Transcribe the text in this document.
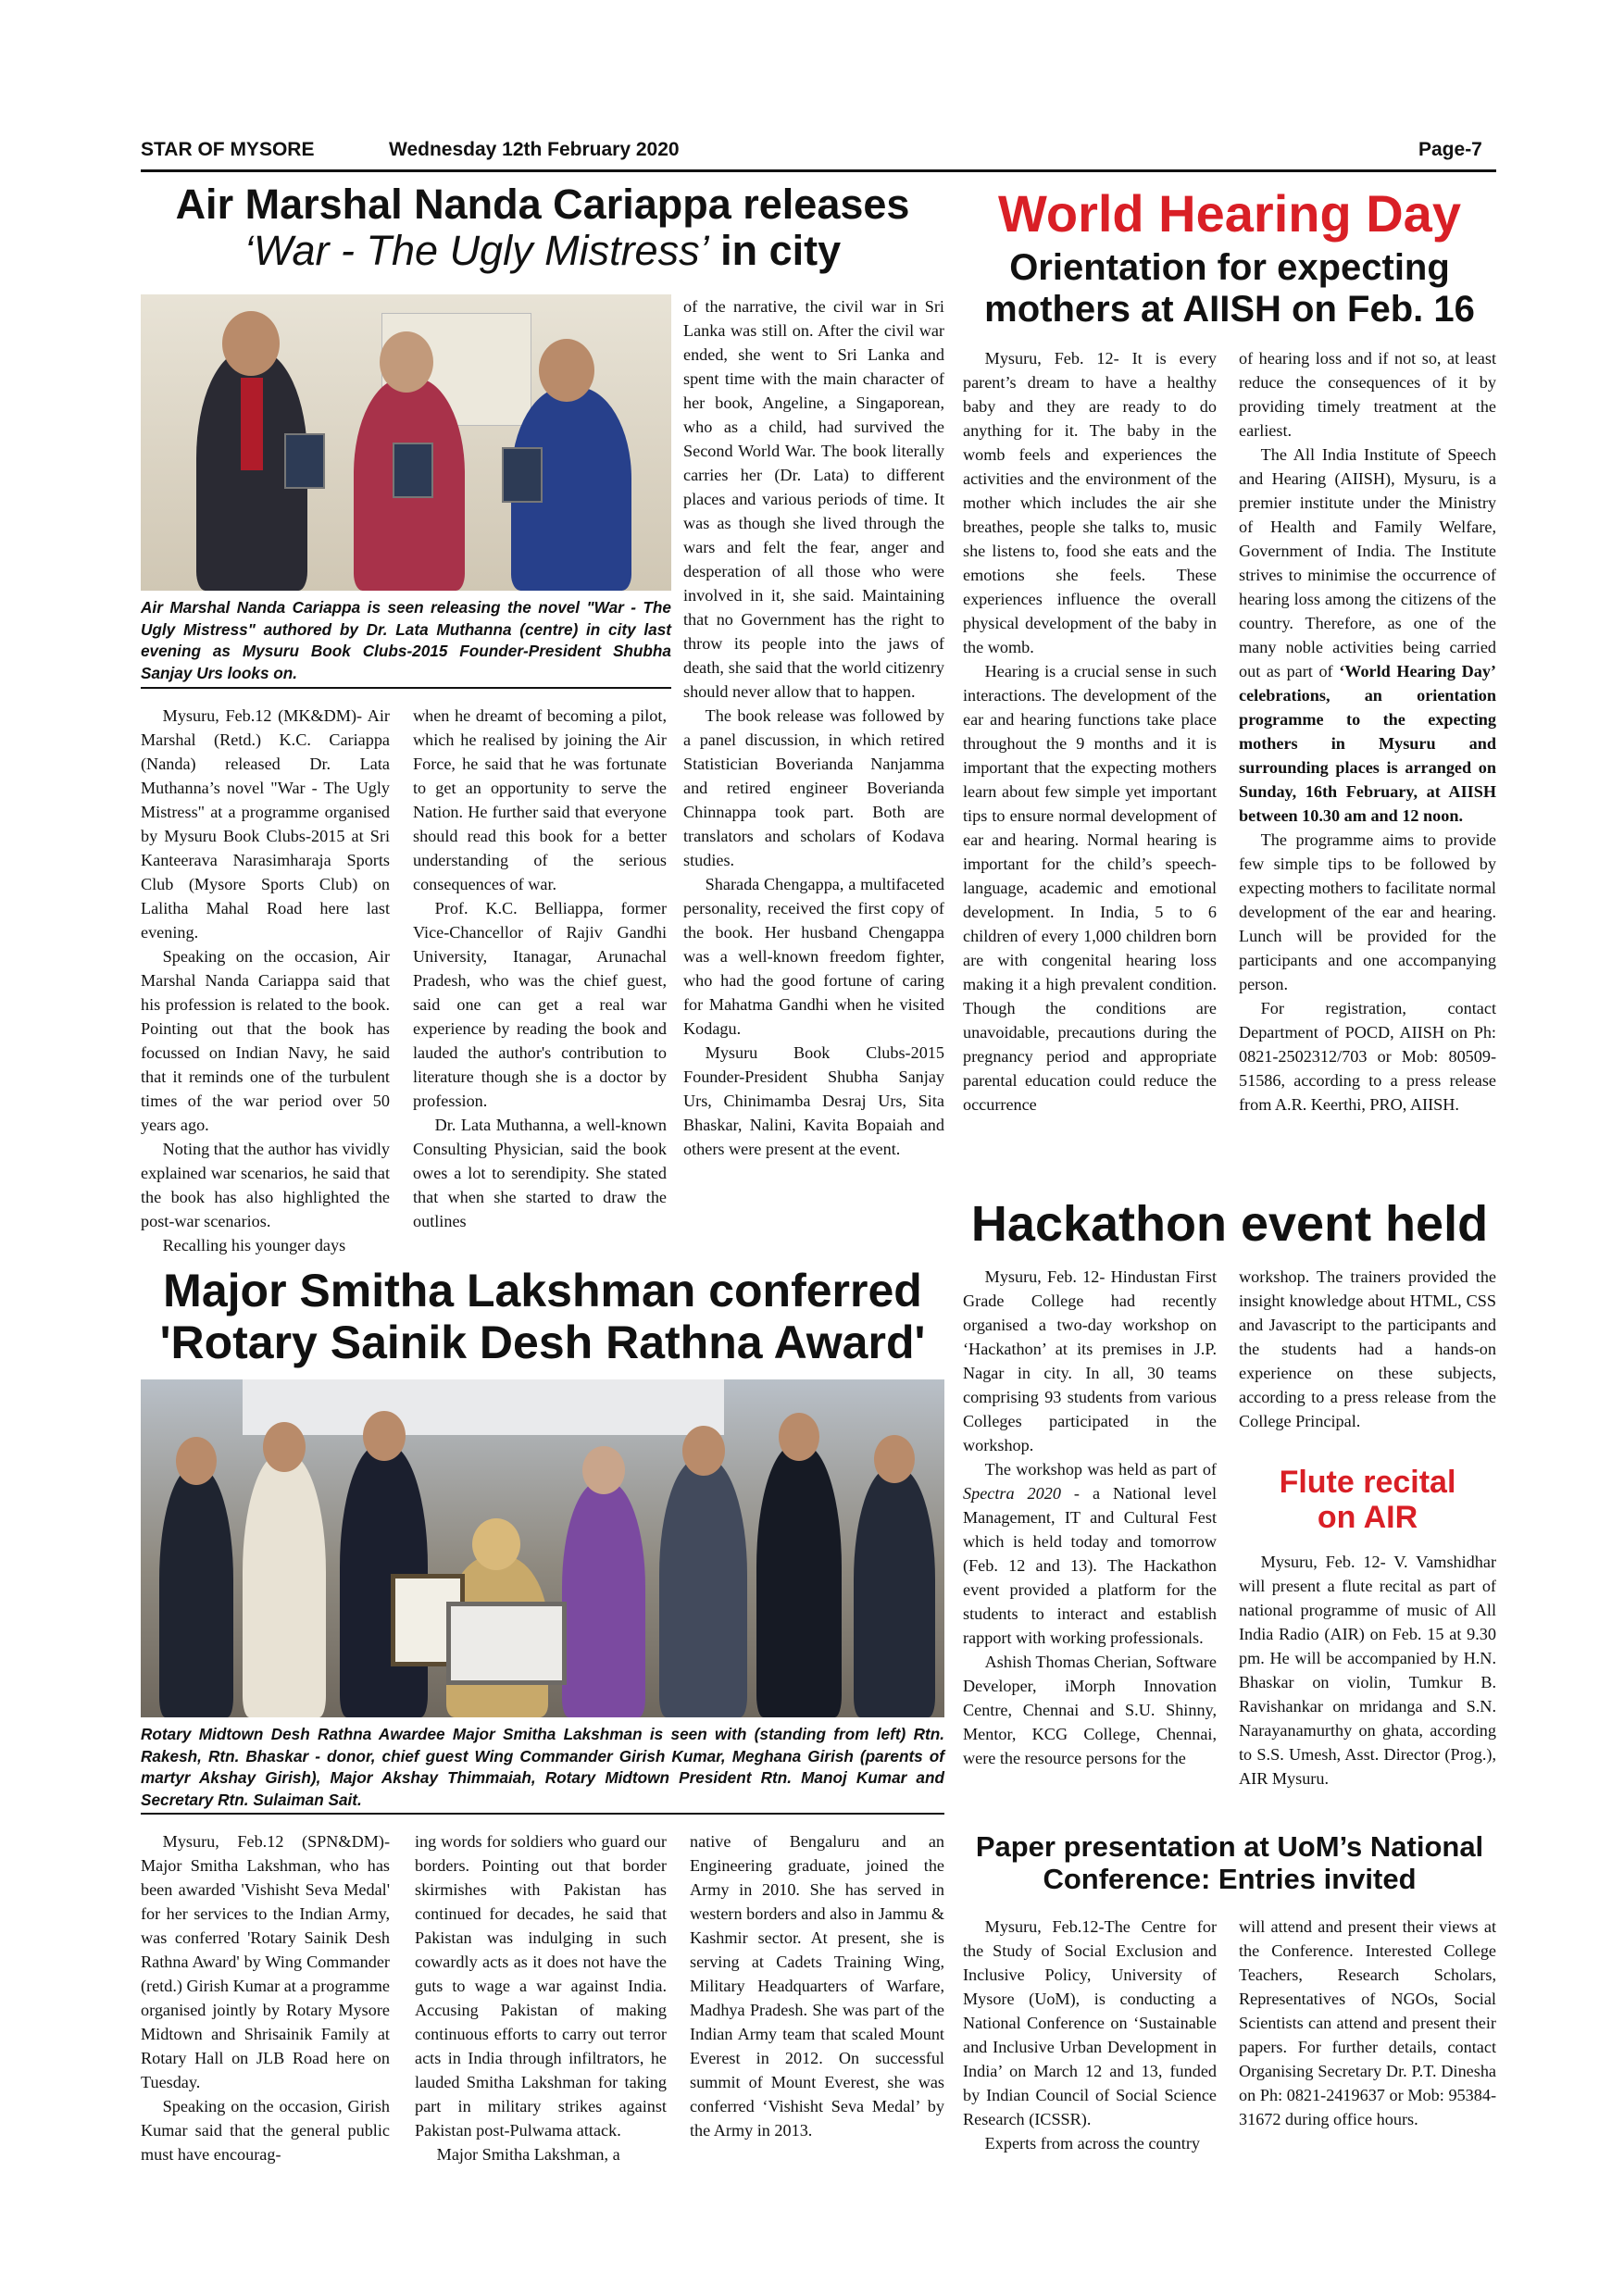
STAR OF MYSORE	Wednesday 12th February 2020	Page-7
Air Marshal Nanda Cariappa releases
‘War - The Ugly Mistress’ in city
Air Marshal Nanda Cariappa is seen releasing the novel "War - The Ugly Mistress" authored by Dr. Lata Muthanna (centre) in city last evening as Mysuru Book Clubs-2015 Founder-President Shubha Sanjay Urs looks on.

of the narrative, the civil war in Sri Lanka was still on. After the civil war ended, she went to Sri Lanka and spent time with the main character of her book, Angeline, a Singaporean, who as a child, had survived the Second World War. The book literally carries her (Dr. Lata) to different places and various periods of time. It was as though she lived through the wars and felt the fear, anger and desperation of all those who were involved in it, she said. Maintaining that no Government has the right to throw its people into the jaws of death, she said that the world citizenry should never allow that to happen.

The book release was followed by a panel discussion, in which retired Statistician Boverianda Nanjamma and retired engineer Boverianda Chinnappa took part. Both are translators and scholars of Kodava studies.

Sharada Chengappa, a multifaceted personality, received the first copy of the book. Her husband Chengappa was a well-known freedom fighter, who had the good fortune of caring for Mahatma Gandhi when he visited Kodagu.

Mysuru Book Clubs-2015 Founder-President Shubha Sanjay Urs, Chinimamba Desraj Urs, Sita Bhaskar, Nalini, Kavita Bopaiah and others were present at the event.

Mysuru, Feb.12 (MK&DM)- Air Marshal (Retd.) K.C. Cariappa (Nanda) released Dr. Lata Muthanna’s novel "War - The Ugly Mistress" at a programme organised by Mysuru Book Clubs-2015 at Sri Kanteerava Narasimharaja Sports Club (Mysore Sports Club) on Lalitha Mahal Road here last evening.

Speaking on the occasion, Air Marshal Nanda Cariappa said that his profession is related to the book. Pointing out that the book has focussed on Indian Navy, he said that it reminds one of the turbulent times of the war period over 50 years ago.

Noting that the author has vividly explained war scenarios, he said that the book has also highlighted the post-war scenarios.

Recalling his younger days

when he dreamt of becoming a pilot, which he realised by joining the Air Force, he said that he was fortunate to get an opportunity to serve the Nation. He further said that everyone should read this book for a better understanding of the serious consequences of war.

Prof. K.C. Belliappa, former Vice-Chancellor of Rajiv Gandhi University, Itanagar, Arunachal Pradesh, who was the chief guest, said one can get a real war experience by reading the book and lauded the author's contribution to literature though she is a doctor by profession.

Dr. Lata Muthanna, a well-known Consulting Physician, said the book owes a lot to serendipity. She stated that when she started to draw the outlines

Major Smitha Lakshman conferred
'Rotary Sainik Desh Rathna Award'
Rotary Midtown Desh Rathna Awardee Major Smitha Lakshman is seen with (standing from left) Rtn. Rakesh, Rtn. Bhaskar - donor, chief guest Wing Commander Girish Kumar, Meghana Girish (parents of martyr Akshay Girish), Major Akshay Thimmaiah, Rotary Midtown President Rtn. Manoj Kumar and Secretary Rtn. Sulaiman Sait.

Mysuru, Feb.12 (SPN&DM)- Major Smitha Lakshman, who has been awarded 'Vishisht Seva Medal' for her services to the Indian Army, was conferred 'Rotary Sainik Desh Rathna Award' by Wing Commander (retd.) Girish Kumar at a programme organised jointly by Rotary Mysore Midtown and Shrisainik Family at Rotary Hall on JLB Road here on Tuesday.

Speaking on the occasion, Girish Kumar said that the general public must have encourag-

ing words for soldiers who guard our borders. Pointing out that border skirmishes with Pakistan has continued for decades, he said that Pakistan was indulging in such cowardly acts as it does not have the guts to wage a war against India. Accusing Pakistan of making continuous efforts to carry out terror acts in India through infiltrators, he lauded Smitha Lakshman for taking part in military strikes against Pakistan post-Pulwama attack.

Major Smitha Lakshman, a

native of Bengaluru and an Engineering graduate, joined the Army in 2010. She has served in western borders and also in Jammu & Kashmir sector. At present, she is serving at Cadets Training Wing, Military Headquarters of Warfare, Madhya Pradesh. She was part of the Indian Army team that scaled Mount Everest in 2012. On successful summit of Mount Everest, she was conferred ‘Vishisht Seva Medal’ by the Army in 2013.

World Hearing Day
Orientation for expecting
mothers at AIISH on Feb. 16

Mysuru, Feb. 12- It is every parent’s dream to have a healthy baby and they are ready to do anything for it. The baby in the womb feels and experiences the activities and the environment of the mother which includes the air she breathes, people she talks to, music she listens to, food she eats and the emotions she feels. These experiences influence the overall physical development of the baby in the womb.

Hearing is a crucial sense in such interactions. The development of the ear and hearing functions take place throughout the 9 months and it is important that the expecting mothers learn about few simple yet important tips to ensure normal development of ear and hearing. Normal hearing is important for the child’s speech-language, academic and emotional development. In India, 5 to 6 children of every 1,000 children born are with congenital hearing loss making it a high prevalent condition. Though the conditions are unavoidable, precautions during the pregnancy period and appropriate parental education could reduce the occurrence

of hearing loss and if not so, at least reduce the consequences of it by providing timely treatment at the earliest.

The All India Institute of Speech and Hearing (AIISH), Mysuru, is a premier institute under the Ministry of Health and Family Welfare, Government of India. The Institute strives to minimise the occurrence of hearing loss among the citizens of the country. Therefore, as one of the many noble activities being carried out as part of ‘World Hearing Day’ celebrations, an orientation programme to the expecting mothers in Mysuru and surrounding places is arranged on Sunday, 16th February, at AIISH between 10.30 am and 12 noon.

The programme aims to provide few simple tips to be followed by expecting mothers to facilitate normal development of the ear and hearing. Lunch will be provided for the participants and one accompanying person.

For registration, contact Department of POCD, AIISH on Ph: 0821-2502312/703 or Mob: 80509-51586, according to a press release from A.R. Keerthi, PRO, AIISH.

Hackathon event held

Mysuru, Feb. 12- Hindustan First Grade College had recently organised a two-day workshop on ‘Hackathon’ at its premises in J.P. Nagar in city. In all, 30 teams comprising 93 students from various Colleges participated in the workshop.

The workshop was held as part of Spectra 2020 - a National level Management, IT and Cultural Fest which is held today and tomorrow (Feb. 12 and 13). The Hackathon event provided a platform for the students to interact and establish rapport with working professionals.

Ashish Thomas Cherian, Software Developer, iMorph Innovation Centre, Chennai and S.U. Shinny, Mentor, KCG College, Chennai, were the resource persons for the

workshop. The trainers provided the insight knowledge about HTML, CSS and Javascript to the participants and the students had a hands-on experience on these subjects, according to a press release from the College Principal.

Flute recital
on AIR

Mysuru, Feb. 12- V. Vamshidhar will present a flute recital as part of national programme of music of All India Radio (AIR) on Feb. 15 at 9.30 pm. He will be accompanied by H.N. Bhaskar on violin, Tumkur B. Ravishankar on mridanga and S.N. Narayanamurthy on ghata, according to S.S. Umesh, Asst. Director (Prog.), AIR Mysuru.

Paper presentation at UoM’s National
Conference: Entries invited

Mysuru, Feb.12-The Centre for the Study of Social Exclusion and Inclusive Policy, University of Mysore (UoM), is conducting a National Conference on ‘Sustainable and Inclusive Urban Development in India’ on March 12 and 13, funded by Indian Council of Social Science Research (ICSSR).

Experts from across the country

will attend and present their views at the Conference. Interested College Teachers, Research Scholars, Representatives of NGOs, Social Scientists can attend and present their papers. For further details, contact Organising Secretary Dr. P.T. Dinesha on Ph: 0821-2419637 or Mob: 95384-31672 during office hours.
